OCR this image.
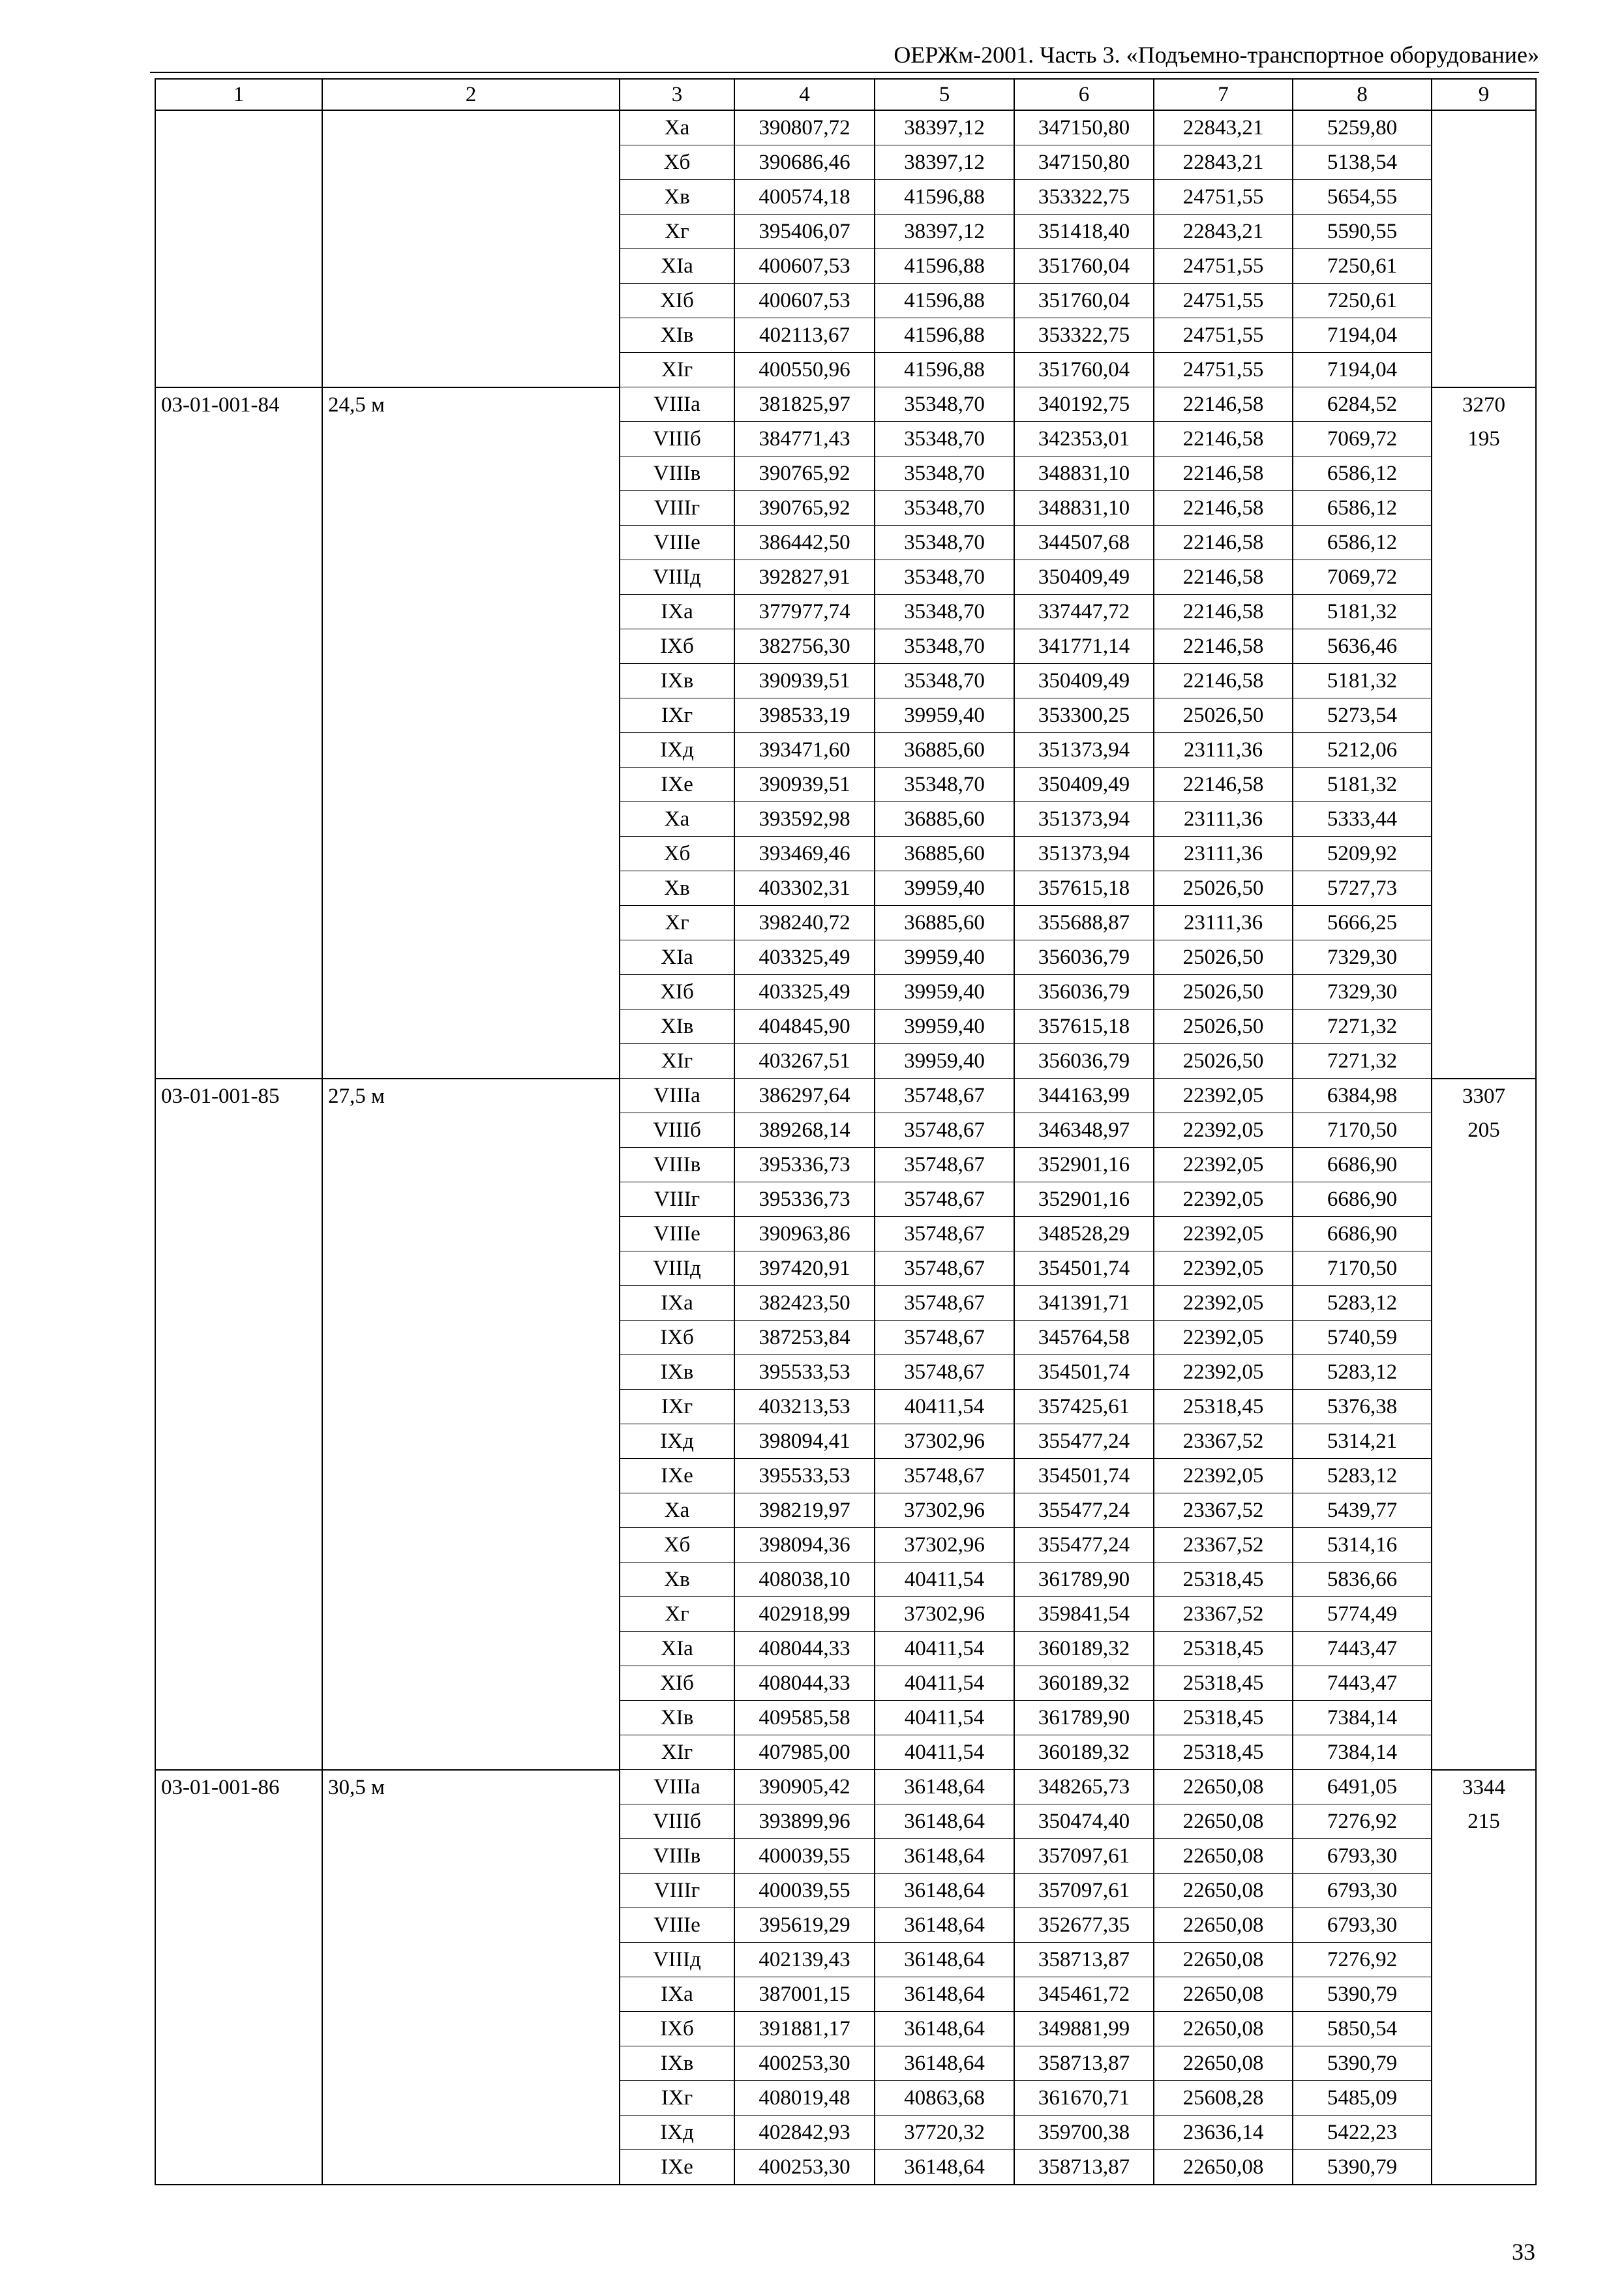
ОЕРЖм-2001. Часть 3. «Подъемно-транспортное оборудование»
1	2	3	4	5	6	7	8	9
		Xa	390807,72	38397,12	347150,80	22843,21	5259,80	
		Xб	390686,46	38397,12	347150,80	22843,21	5138,54	
		Xв	400574,18	41596,88	353322,75	24751,55	5654,55	
		Xг	395406,07	38397,12	351418,40	22843,21	5590,55	
		XIa	400607,53	41596,88	351760,04	24751,55	7250,61	
		XIб	400607,53	41596,88	351760,04	24751,55	7250,61	
		XIв	402113,67	41596,88	353322,75	24751,55	7194,04	
		XIг	400550,96	41596,88	351760,04	24751,55	7194,04	
03-01-001-84	24,5 м	VIIIa	381825,97	35348,70	340192,75	22146,58	6284,52	3270
		VIIIб	384771,43	35348,70	342353,01	22146,58	7069,72	195
		VIIIв	390765,92	35348,70	348831,10	22146,58	6586,12	
		VIIIг	390765,92	35348,70	348831,10	22146,58	6586,12	
		VIIIe	386442,50	35348,70	344507,68	22146,58	6586,12	
		VIIIд	392827,91	35348,70	350409,49	22146,58	7069,72	
		IXa	377977,74	35348,70	337447,72	22146,58	5181,32	
		IXб	382756,30	35348,70	341771,14	22146,58	5636,46	
		IXв	390939,51	35348,70	350409,49	22146,58	5181,32	
		IXг	398533,19	39959,40	353300,25	25026,50	5273,54	
		IXд	393471,60	36885,60	351373,94	23111,36	5212,06	
		IXe	390939,51	35348,70	350409,49	22146,58	5181,32	
		Xa	393592,98	36885,60	351373,94	23111,36	5333,44	
		Xб	393469,46	36885,60	351373,94	23111,36	5209,92	
		Xв	403302,31	39959,40	357615,18	25026,50	5727,73	
		Xг	398240,72	36885,60	355688,87	23111,36	5666,25	
		XIa	403325,49	39959,40	356036,79	25026,50	7329,30	
		XIб	403325,49	39959,40	356036,79	25026,50	7329,30	
		XIв	404845,90	39959,40	357615,18	25026,50	7271,32	
		XIг	403267,51	39959,40	356036,79	25026,50	7271,32	
03-01-001-85	27,5 м	VIIIa	386297,64	35748,67	344163,99	22392,05	6384,98	3307
		VIIIб	389268,14	35748,67	346348,97	22392,05	7170,50	205
		VIIIв	395336,73	35748,67	352901,16	22392,05	6686,90	
		VIIIг	395336,73	35748,67	352901,16	22392,05	6686,90	
		VIIIe	390963,86	35748,67	348528,29	22392,05	6686,90	
		VIIIд	397420,91	35748,67	354501,74	22392,05	7170,50	
		IXa	382423,50	35748,67	341391,71	22392,05	5283,12	
		IXб	387253,84	35748,67	345764,58	22392,05	5740,59	
		IXв	395533,53	35748,67	354501,74	22392,05	5283,12	
		IXг	403213,53	40411,54	357425,61	25318,45	5376,38	
		IXд	398094,41	37302,96	355477,24	23367,52	5314,21	
		IXe	395533,53	35748,67	354501,74	22392,05	5283,12	
		Xa	398219,97	37302,96	355477,24	23367,52	5439,77	
		Xб	398094,36	37302,96	355477,24	23367,52	5314,16	
		Xв	408038,10	40411,54	361789,90	25318,45	5836,66	
		Xг	402918,99	37302,96	359841,54	23367,52	5774,49	
		XIa	408044,33	40411,54	360189,32	25318,45	7443,47	
		XIб	408044,33	40411,54	360189,32	25318,45	7443,47	
		XIв	409585,58	40411,54	361789,90	25318,45	7384,14	
		XIг	407985,00	40411,54	360189,32	25318,45	7384,14	
03-01-001-86	30,5 м	VIIIa	390905,42	36148,64	348265,73	22650,08	6491,05	3344
		VIIIб	393899,96	36148,64	350474,40	22650,08	7276,92	215
		VIIIв	400039,55	36148,64	357097,61	22650,08	6793,30	
		VIIIг	400039,55	36148,64	357097,61	22650,08	6793,30	
		VIIIe	395619,29	36148,64	352677,35	22650,08	6793,30	
		VIIIд	402139,43	36148,64	358713,87	22650,08	7276,92	
		IXa	387001,15	36148,64	345461,72	22650,08	5390,79	
		IXб	391881,17	36148,64	349881,99	22650,08	5850,54	
		IXв	400253,30	36148,64	358713,87	22650,08	5390,79	
		IXг	408019,48	40863,68	361670,71	25608,28	5485,09	
		IXд	402842,93	37720,32	359700,38	23636,14	5422,23	
		IXe	400253,30	36148,64	358713,87	22650,08	5390,79	
33
